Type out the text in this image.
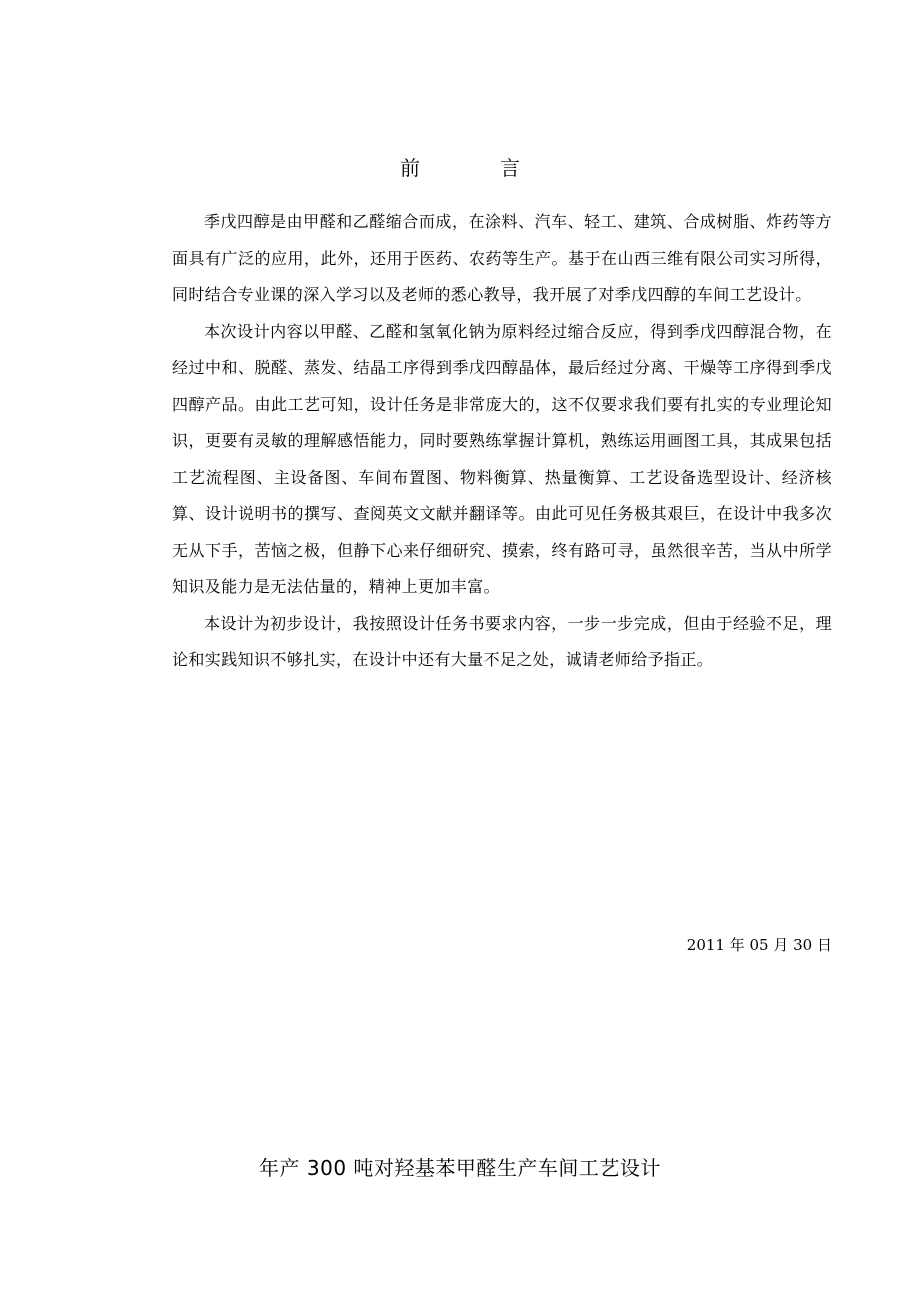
前　言

季戊四醇是由甲醛和乙醛缩合而成，在涂料、汽车、轻工、建筑、合成树脂、炸药等方面具有广泛的应用，此外，还用于医药、农药等生产。基于在山西三维有限公司实习所得，同时结合专业课的深入学习以及老师的悉心教导，我开展了对季戊四醇的车间工艺设计。

本次设计内容以甲醛、乙醛和氢氧化钠为原料经过缩合反应，得到季戊四醇混合物，在经过中和、脱醛、蒸发、结晶工序得到季戊四醇晶体，最后经过分离、干燥等工序得到季戊四醇产品。由此工艺可知，设计任务是非常庞大的，这不仅要求我们要有扎实的专业理论知识，更要有灵敏的理解感悟能力，同时要熟练掌握计算机，熟练运用画图工具，其成果包括工艺流程图、主设备图、车间布置图、物料衡算、热量衡算、工艺设备选型设计、经济核算、设计说明书的撰写、查阅英文文献并翻译等。由此可见任务极其艰巨，在设计中我多次无从下手，苦恼之极，但静下心来仔细研究、摸索，终有路可寻，虽然很辛苦，当从中所学知识及能力是无法估量的，精神上更加丰富。

本设计为初步设计，我按照设计任务书要求内容，一步一步完成，但由于经验不足，理论和实践知识不够扎实，在设计中还有大量不足之处，诚请老师给予指正。

2011 年 05 月 30 日
年产 300 吨对羟基苯甲醛生产车间工艺设计
